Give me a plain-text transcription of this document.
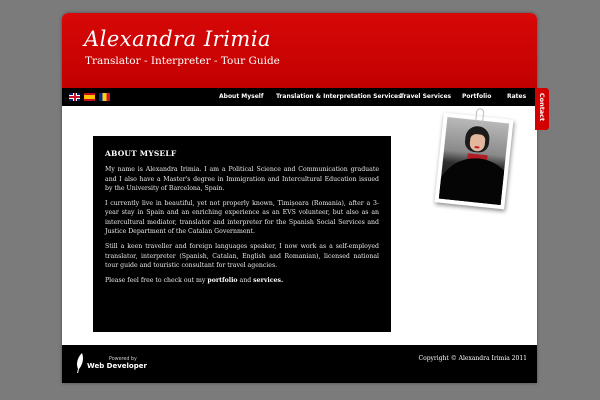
Alexandra Irimia
Translator - Interpreter - Tour Guide
About Myself Translation & Interpretation Services
Travel Services Portfolio	Rates
ABOUT MYSELF

My name is Alexandra Irimia. I am a Political Science and Communication graduate and I also have a Master's degree in Immigration and Intercultural Education issued by the University of Barcelona, Spain.

I currently live in beautiful, yet not properly known, Timișoara (Romania), after a 3-year stay in Spain and an enriching experience as an EVS volunteer, but also as an intercultural mediator, translator and interpreter for the Spanish Social Services and Justice Department of the Catalan Government.

Still a keen traveller and foreign languages speaker, I now work as a self-employed translator, interpreter (Spanish, Catalan, English and Romanian), licensed national tour guide and touristic consultant for travel agencies.

Please feel free to check out my portfolio and services.

Powered by
Web Developer
Copyright © Alexandra Irimia 2011
Contact
